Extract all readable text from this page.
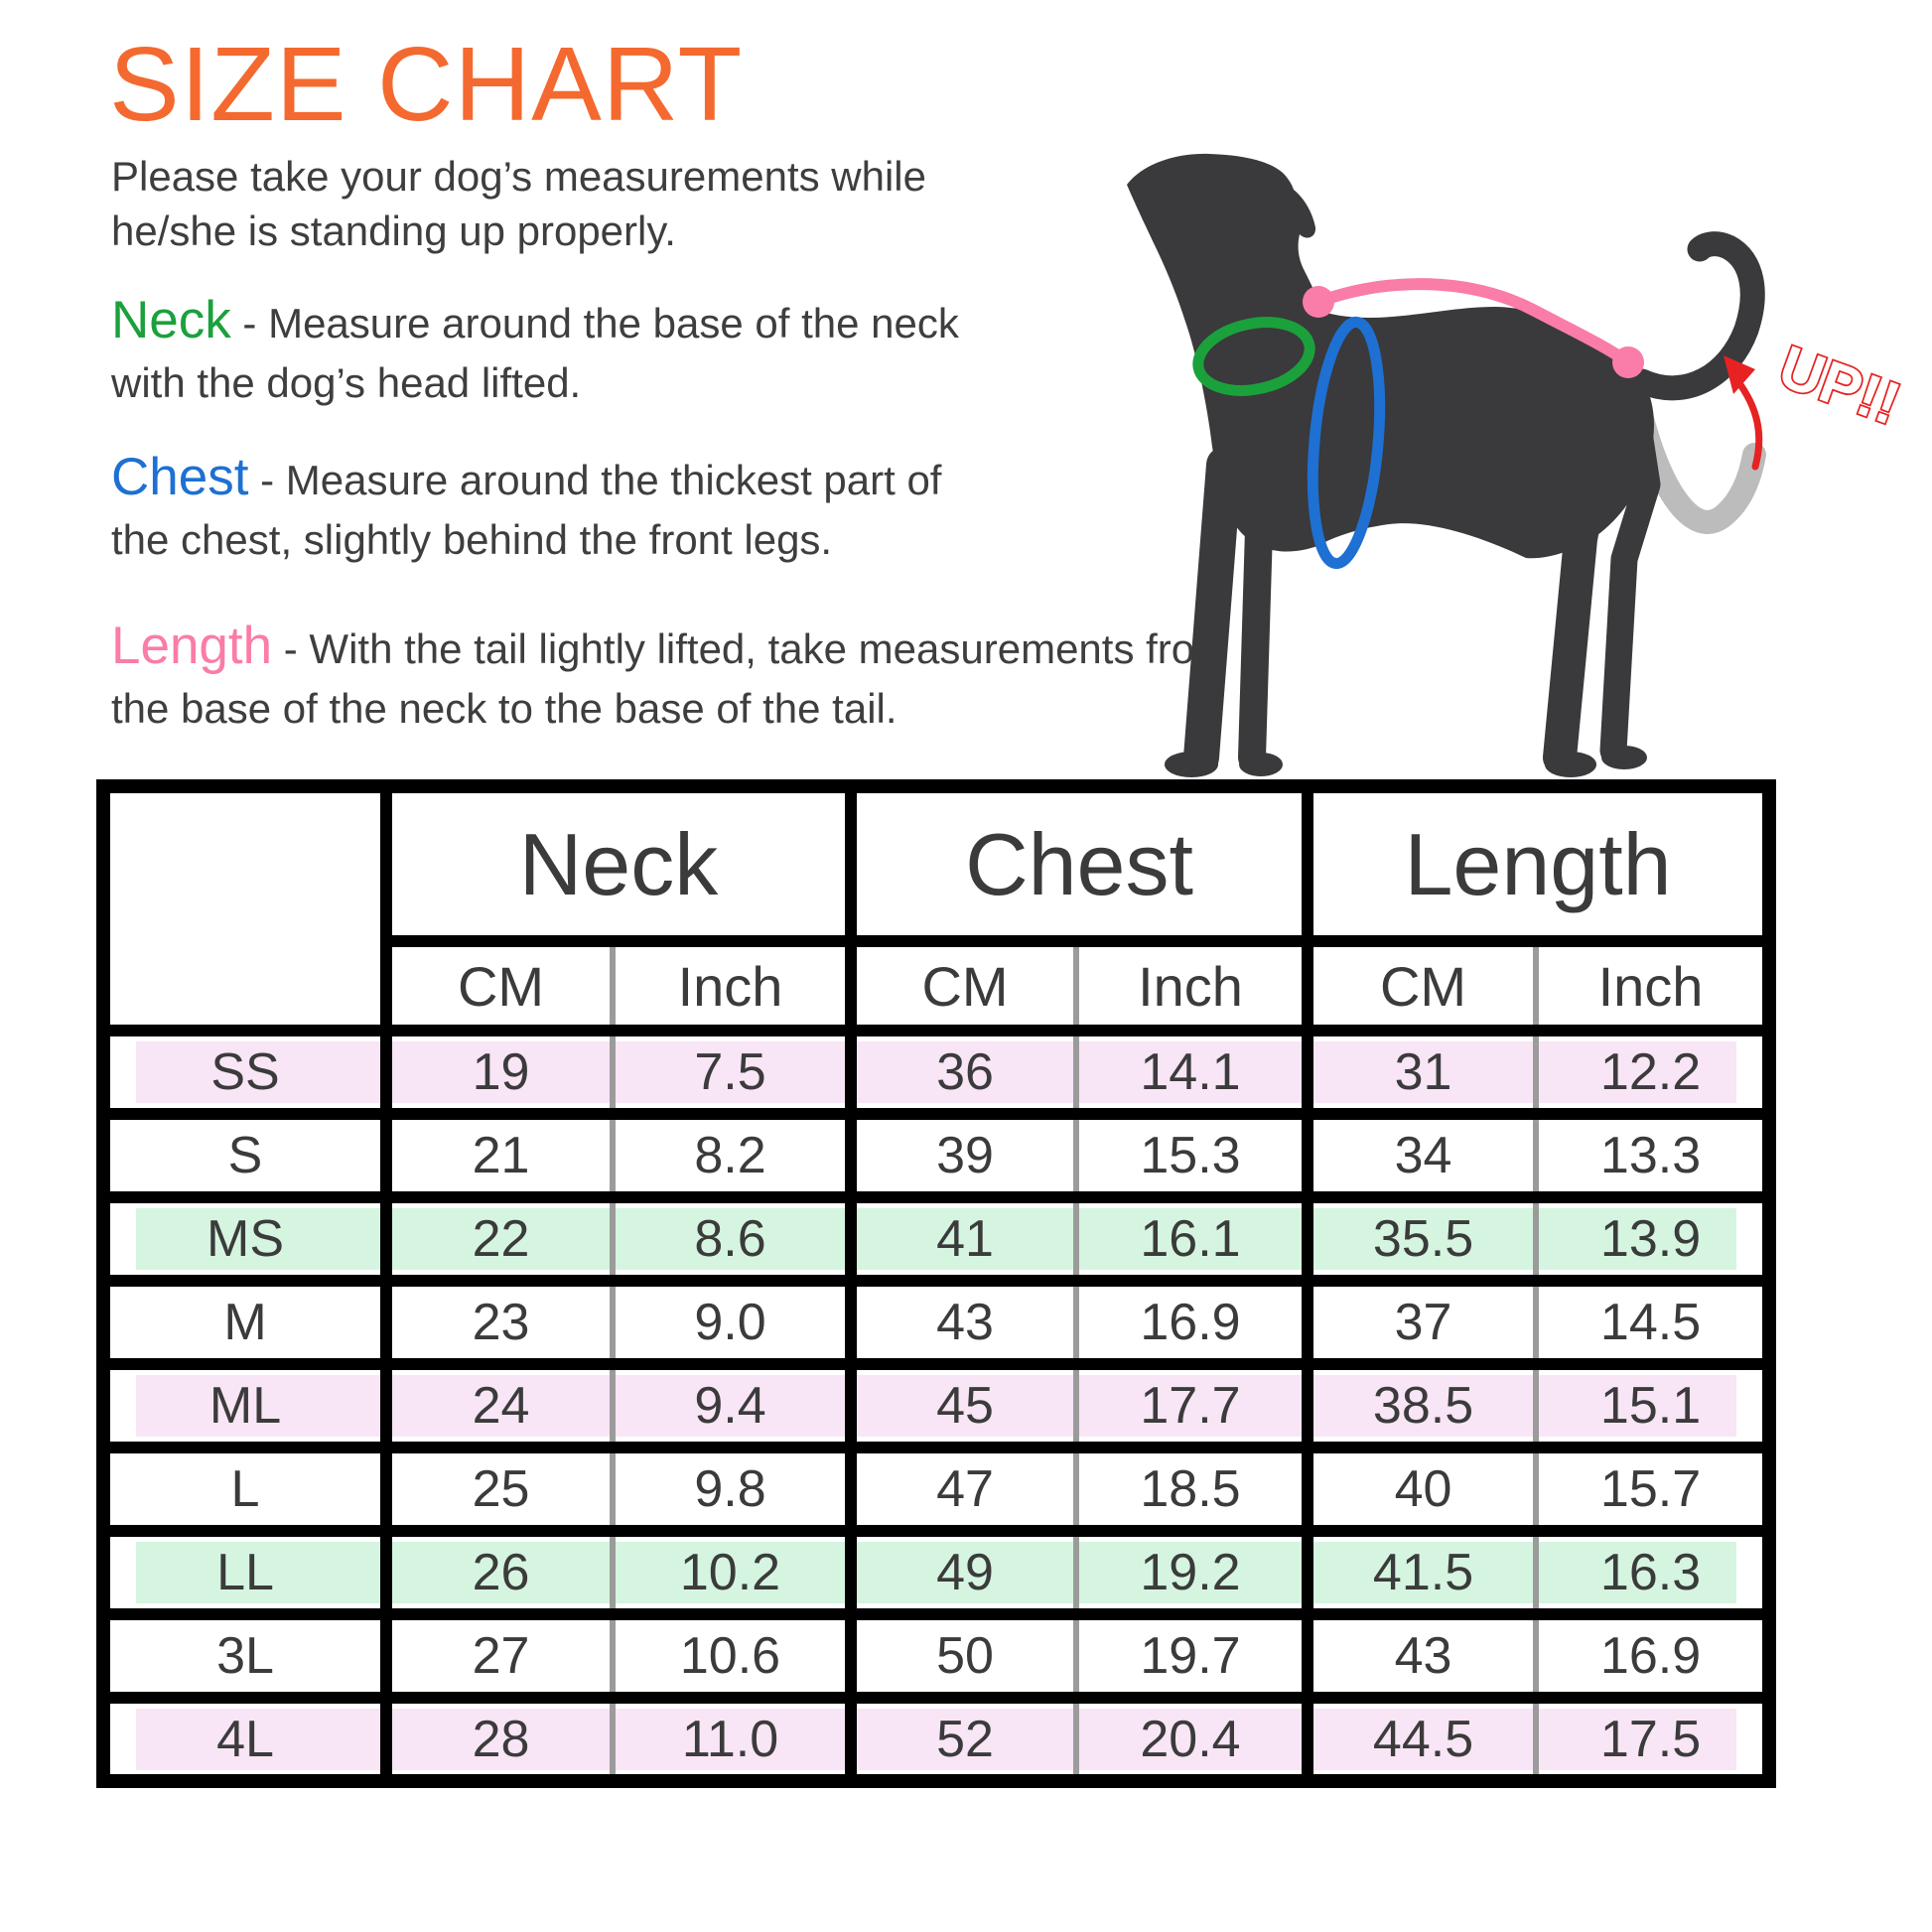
SIZE CHART
Please take your dog’s measurements while he/she is standing up properly.
Neck - Measure around the base of the neck with the dog’s head lifted.
Chest - Measure around the thickest part of the chest, slightly behind the front legs.
Length - With the tail lightly lifted, take measurements from the base of the neck to the base of the tail.
UP!!
	Neck		Chest		Length	
	CM	Inch	CM	Inch	CM	Inch
SS	19	7.5	36	14.1	31	12.2
S	21	8.2	39	15.3	34	13.3
MS	22	8.6	41	16.1	35.5	13.9
M	23	9.0	43	16.9	37	14.5
ML	24	9.4	45	17.7	38.5	15.1
L	25	9.8	47	18.5	40	15.7
LL	26	10.2	49	19.2	41.5	16.3
3L	27	10.6	50	19.7	43	16.9
4L	28	11.0	52	20.4	44.5	17.5
